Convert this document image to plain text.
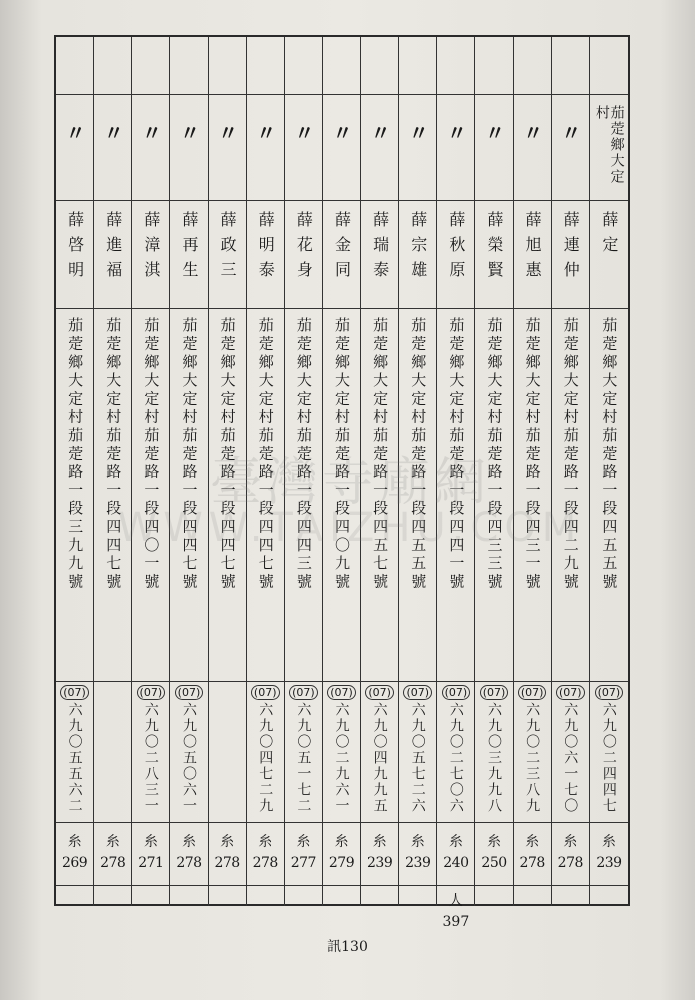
〃 〃 〃 〃 〃 〃 〃 〃 〃 〃 〃 〃 〃 〃	茄萣鄉大定村
薛啓明 薛進福 薛漳淇 薛再生 薛政三 薛明泰 薛花身 薛金同 薛瑞泰 薛宗雄 薛秋原 薛榮賢 薛旭惠 薛連仲 薛定
茄萣鄉大定村茄萣路一段三九九號 茄萣鄉大定村茄萣路一段四四七號 茄萣鄉大定村茄萣路一段四〇一號 茄萣鄉大定村茄萣路一段四四七號 茄萣鄉大定村茄萣路一段四四七號 茄萣鄉大定村茄萣路一段四四七號 茄萣鄉大定村茄萣路一段四四三號 茄萣鄉大定村茄萣路一段四〇九號 茄萣鄉大定村茄萣路一段四五七號 茄萣鄉大定村茄萣路一段四五五號 茄萣鄉大定村茄萣路一段四四一號 茄萣鄉大定村茄萣路一段四三三號 茄萣鄉大定村茄萣路一段四三一號 茄萣鄉大定村茄萣路一段四二九號 茄萣鄉大定村茄萣路一段四五五號
(07)
六九〇五五六二
(07)
六九〇二八三一
(07)
六九〇五〇六一
(07)
六九〇四七二九
(07)
六九〇五一七二
(07)
六九〇二九六一
(07)
六九〇四九九五
(07)
六九〇五七二六
(07)
六九〇二七〇六
(07)
六九〇三九九八
(07)
六九〇二三八九
(07)
六九〇六一七〇
(07)
六九〇二四四七
糸
269
糸
278
糸
271
糸
278
糸
278
糸
278
糸
277
糸
279
糸
239
糸
239
糸
240
糸
250
糸
278
糸
278
糸
239
人
397
臺灣寺廟網
WWW.TAIZHU.COM
訊130
